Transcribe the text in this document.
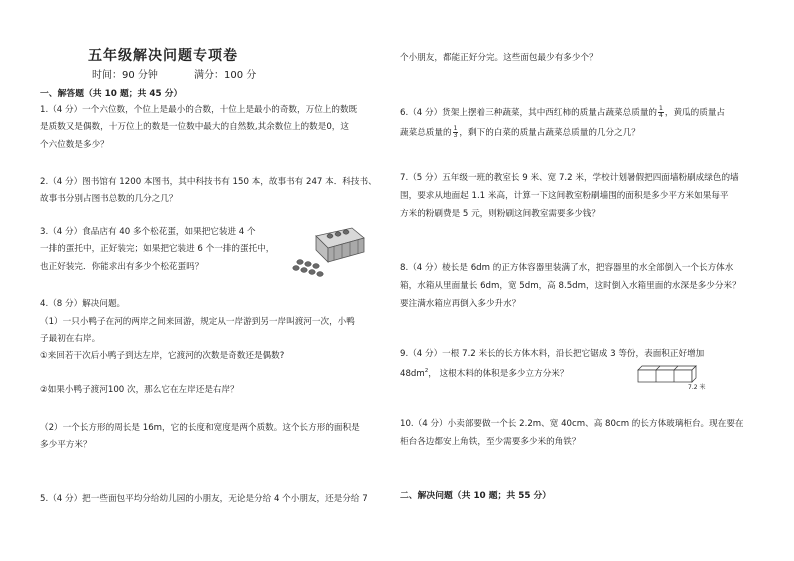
五年级解决问题专项卷
时间：90 分钟	满分：100 分
一、解答题（共 10 题；共 45 分）
1.（4 分）一个六位数，个位上是最小的合数，十位上是最小的奇数，万位上的数既
是质数又是偶数，十万位上的数是一位数中最大的自然数,其余数位上的数是0，这
个六位数是多少？
2.（4 分）图书馆有 1200 本图书，其中科技书有 150 本，故事书有 247 本．科技书、
故事书分别占图书总数的几分之几？
3.（4 分）食品店有 40 多个松花蛋，如果把它装进 4 个
一排的蛋托中，正好装完；如果把它装进 6 个一排的蛋托中，
也正好装完．你能求出有多少个松花蛋吗？
4.（8 分）解决问题。
（1）一只小鸭子在河的两岸之间来回游，规定从一岸游到另一岸叫渡河一次，小鸭
子最初在右岸。
①来回若干次后小鸭子到达左岸，它渡河的次数是奇数还是偶数?
②如果小鸭子渡河100 次，那么它在左岸还是右岸？
（2）一个长方形的周长是 16m，它的长度和宽度是两个质数。这个长方形的面积是
多少平方米？
5.（4 分）把一些面包平均分给幼儿园的小朋友，无论是分给 4 个小朋友，还是分给 7
个小朋友，都能正好分完。这些面包最少有多少个？
6.（4 分）货架上摆着三种蔬菜，其中西红柿的质量占蔬菜总质量的 $\frac{1}{4}$ ，黄瓜的质量占
蔬菜总质量的 $\frac{1}{3}$ ，剩下的白菜的质量占蔬菜总质量的几分之几？
7.（5 分）五年级一班的教室长 9 米、宽 7.2 米，学校计划暑假把四面墙粉刷成绿色的墙
围，要求从地面起 1.1 米高，计算一下这间教室粉刷墙围的面积是多少平方米如果每平
方米的粉刷费是 5 元，则粉刷这间教室需要多少钱？
8.（4 分）棱长是 6dm 的正方体容器里装满了水，把容器里的水全部倒入一个长方体水
箱，水箱从里面量长 6dm，宽 5dm，高 8.5dm，这时倒入水箱里面的水深是多少分米？
要注满水箱应再倒入多少升水？
9.（4 分）一根 7.2 米长的长方体木料，沿长把它锯成 3 等份，表面积正好增加
$48dm^2$， 这根木料的体积是多少立方分米？
7.2 米
10.（4 分）小卖部要做一个长 2.2m、宽 40cm、高 80cm 的长方体玻璃柜台。现在要在
柜台各边都安上角铁，至少需要多少米的角铁？
二、解决问题（共 10 题；共 55 分）
